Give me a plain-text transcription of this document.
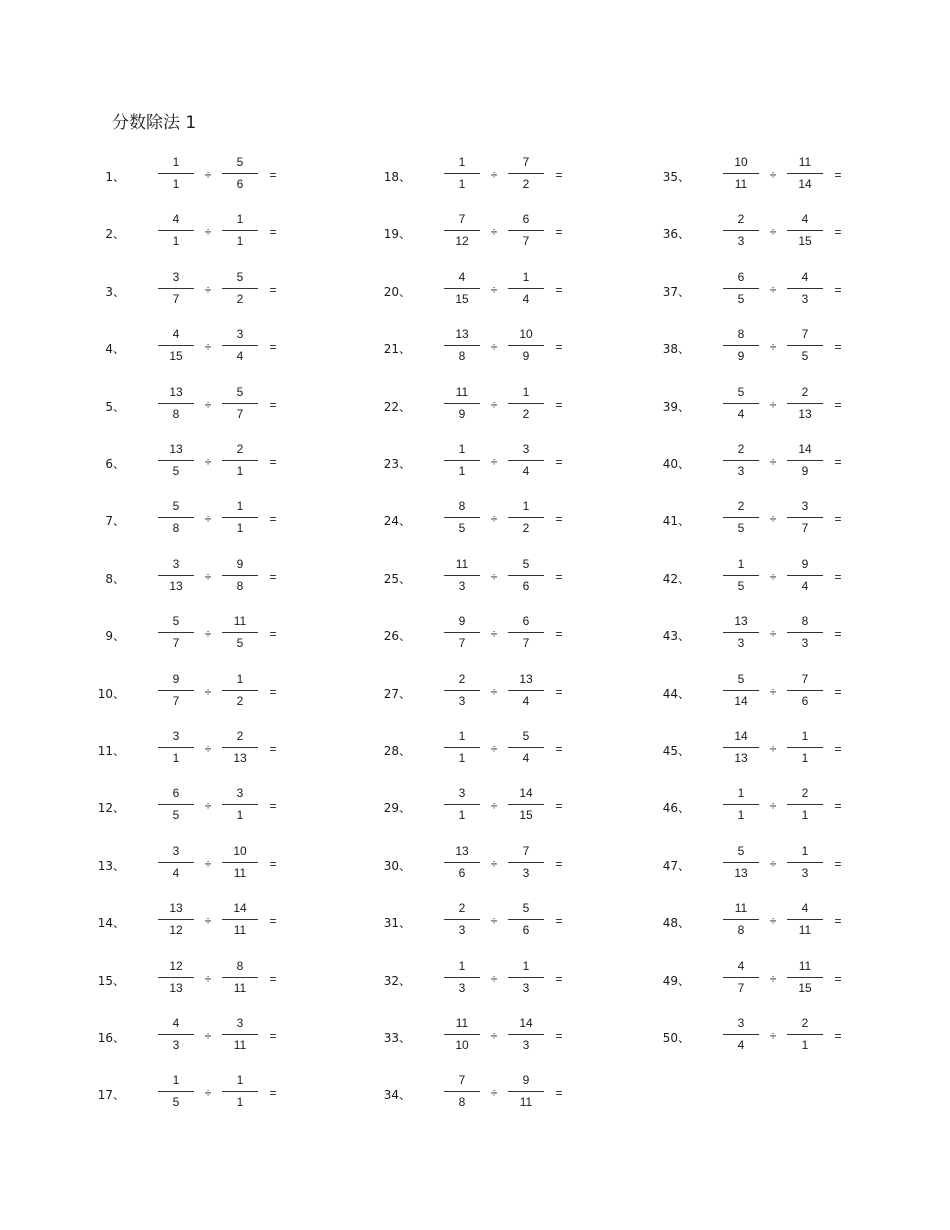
分数除法 1
1、
1
1
÷
5
6
=
2、
4
1
÷
1
1
=
3、
3
7
÷
5
2
=
4、
4
15
÷
3
4
=
5、
13
8
÷
5
7
=
6、
13
5
÷
2
1
=
7、
5
8
÷
1
1
=
8、
3
13
÷
9
8
=
9、
5
7
÷
11
5
=
10、
9
7
÷
1
2
=
11、
3
1
÷
2
13
=
12、
6
5
÷
3
1
=
13、
3
4
÷
10
11
=
14、
13
12
÷
14
11
=
15、
12
13
÷
8
11
=
16、
4
3
÷
3
11
=
17、
1
5
÷
1
1
=
18、
1
1
÷
7
2
=
19、
7
12
÷
6
7
=
20、
4
15
÷
1
4
=
21、
13
8
÷
10
9
=
22、
11
9
÷
1
2
=
23、
1
1
÷
3
4
=
24、
8
5
÷
1
2
=
25、
11
3
÷
5
6
=
26、
9
7
÷
6
7
=
27、
2
3
÷
13
4
=
28、
1
1
÷
5
4
=
29、
3
1
÷
14
15
=
30、
13
6
÷
7
3
=
31、
2
3
÷
5
6
=
32、
1
3
÷
1
3
=
33、
11
10
÷
14
3
=
34、
7
8
÷
9
11
=
35、
10
11
÷
11
14
=
36、
2
3
÷
4
15
=
37、
6
5
÷
4
3
=
38、
8
9
÷
7
5
=
39、
5
4
÷
2
13
=
40、
2
3
÷
14
9
=
41、
2
5
÷
3
7
=
42、
1
5
÷
9
4
=
43、
13
3
÷
8
3
=
44、
5
14
÷
7
6
=
45、
14
13
÷
1
1
=
46、
1
1
÷
2
1
=
47、
5
13
÷
1
3
=
48、
11
8
÷
4
11
=
49、
4
7
÷
11
15
=
50、
3
4
÷
2
1
=
